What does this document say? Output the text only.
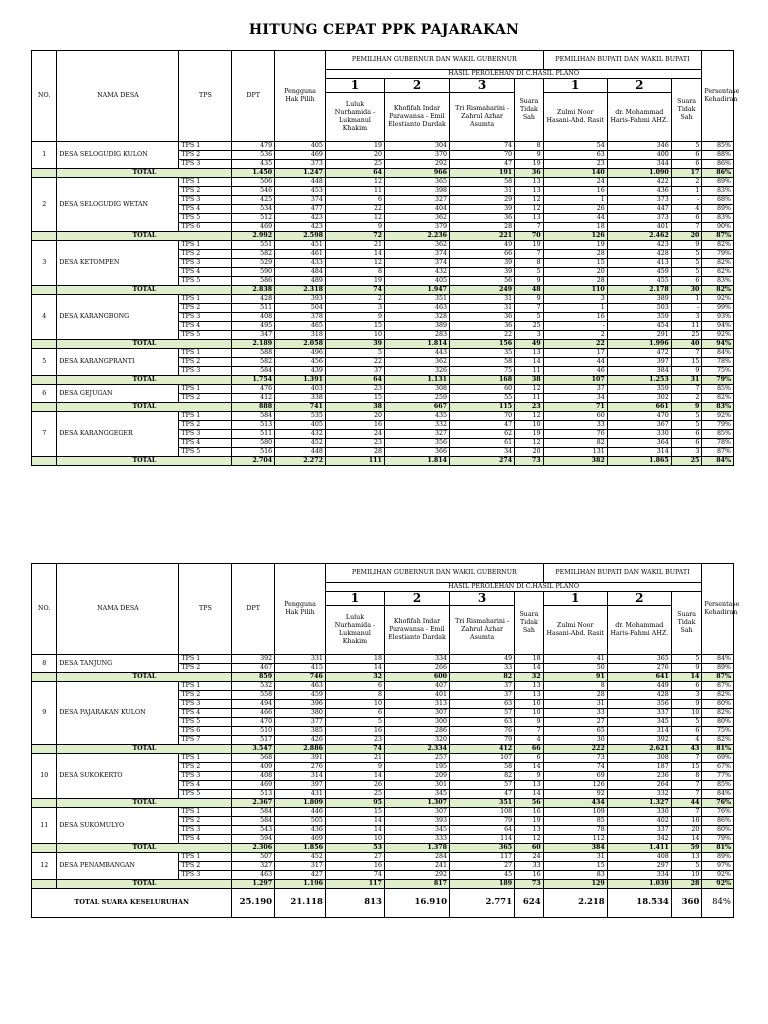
HITUNG CEPAT PPK PAJARAKAN
NO.	NAMA DESA	TPS	DPT	Pengguna Hak Pilih	PEMILIHAN GUBERNUR DAN WAKIL GUBERNUR				PEMILIHAN BUPATI DAN WAKIL BUPATI			Persentase Kehadiran
					HASIL PEROLEHAN DI C.HASIL PLANO							
					1	2	3	Suara Tidak Sah	1	2	Suara Tidak Sah	
					Luluk Nurhamida - Lukmanul Khakim	Khofifah Indar Parawansa - Emil Elestianto Dardak	Tri Rismaharini - Zahrul Azhar Asumta		Zulmi Noor Hasani-Abd. Rasit	dr. Mohammad Haris-Fahmi AHZ.		
1	DESA SELOGUDIG KULON	TPS 1	479	405	19	304	74	8	54	346	5	85%
		TPS 2	536	469	20	370	70	9	63	400	6	88%
		TPS 3	435	373	25	292	47	19	23	344	6	86%
	TOTAL		1.450	1.247	64	966	191	36	140	1.090	17	86%
2	DESA SELOGUDIG WETAN	TPS 1	506	448	12	365	58	13	24	422	2	89%
		TPS 2	546	453	11	398	31	13	16	436	1	83%
		TPS 3	425	374	6	327	29	12	1	373	-	88%
		TPS 4	534	477	22	404	39	12	26	447	4	89%
		TPS 5	512	423	12	362	36	13	44	373	6	83%
		TPS 6	469	423	9	379	28	7	18	401	7	90%
	TOTAL		2.992	2.598	72	2.236	221	70	126	2.462	20	87%
3	DESA KETOMPEN	TPS 1	551	451	21	362	49	19	19	423	9	82%
		TPS 2	582	461	14	374	66	7	28	428	5	79%
		TPS 3	529	433	12	374	39	8	15	413	5	82%
		TPS 4	590	484	8	432	39	5	20	459	5	82%
		TPS 5	586	489	19	405	56	9	28	455	6	83%
	TOTAL		2.838	2.318	74	1.947	249	48	110	2.178	30	82%
4	DESA KARANGBONG	TPS 1	428	393	2	351	31	9	3	389	1	92%
		TPS 2	511	504	3	463	31	7	1	503	-	99%
		TPS 3	408	378	9	328	36	5	16	359	3	93%
		TPS 4	495	465	15	389	36	25	-	454	11	94%
		TPS 5	347	318	10	283	22	3	2	291	25	92%
	TOTAL		2.189	2.058	39	1.814	156	49	22	1.996	40	94%
5	DESA KARANGPRANTI	TPS 1	588	496	5	443	35	13	17	472	7	84%
		TPS 2	582	456	22	362	58	14	44	397	15	78%
		TPS 3	584	439	37	326	75	11	46	384	9	75%
	TOTAL		1.754	1.391	64	1.131	168	38	107	1.253	31	79%
6	DESA GEJUGAN	TPS 1	476	403	23	308	60	12	37	359	7	85%
		TPS 2	412	338	15	259	55	11	34	302	2	82%
	TOTAL		888	741	38	667	115	23	71	661	9	83%
7	DESA KARANGGEGER	TPS 1	584	535	20	435	70	12	60	470	5	92%
		TPS 2	513	405	16	332	47	10	33	367	5	79%
		TPS 3	511	432	24	327	62	19	76	330	6	85%
		TPS 4	580	452	23	356	61	12	82	364	6	78%
		TPS 5	516	448	28	366	34	20	131	314	3	87%
	TOTAL		2.704	2.272	111	1.814	274	73	382	1.865	25	84%
NO.	NAMA DESA	TPS	DPT	Pengguna Hak Pilih	PEMILIHAN GUBERNUR DAN WAKIL GUBERNUR				PEMILIHAN BUPATI DAN WAKIL BUPATI			Persentase Kehadiran
					HASIL PEROLEHAN DI C.HASIL PLANO							
					1	2	3	Suara Tidak Sah	1	2	Suara Tidak Sah	
					Luluk Nurhamida - Lukmanul Khakim	Khofifah Indar Parawansa - Emil Elestianto Dardak	Tri Rismaharini - Zahrul Azhar Asumta		Zulmi Noor Hasani-Abd. Rasit	dr. Mohammad Haris-Fahmi AHZ.		
8	DESA TANJUNG	TPS 1	392	331	18	334	49	18	41	365	5	84%
		TPS 2	467	415	14	266	33	14	50	276	9	89%
	TOTAL		859	746	32	600	82	32	91	641	14	87%
9	DESA PAJARAKAN KULON	TPS 1	532	463	6	407	37	13	8	449	6	87%
		TPS 2	558	459	8	401	37	13	28	428	3	82%
		TPS 3	494	396	10	313	63	10	31	356	9	80%
		TPS 4	466	380	6	307	57	10	33	337	10	82%
		TPS 5	470	377	5	300	63	9	27	345	5	80%
		TPS 6	510	385	16	286	76	7	65	314	6	75%
		TPS 7	517	426	23	320	79	4	30	392	4	82%
	TOTAL		3.547	2.886	74	2.334	412	66	222	2.621	43	81%
10	DESA SUKOKERTO	TPS 1	568	391	21	257	107	6	73	308	7	69%
		TPS 2	409	276	9	195	58	14	74	187	15	67%
		TPS 3	408	314	14	209	82	9	69	236	8	77%
		TPS 4	469	397	26	301	57	13	126	264	7	85%
		TPS 5	513	431	25	345	47	14	92	332	7	84%
	TOTAL		2.367	1.809	95	1.307	351	56	434	1.327	44	76%
11	DESA SUKOMULYO	TPS 1	584	446	15	307	108	16	109	330	7	76%
		TPS 2	584	505	14	393	79	19	85	402	18	86%
		TPS 3	543	436	14	345	64	13	78	337	20	80%
		TPS 4	594	469	10	333	114	12	112	342	14	79%
	TOTAL		2.306	1.856	53	1.378	365	60	384	1.411	59	81%
12	DESA PENAMBANGAN	TPS 1	507	452	27	284	117	24	31	408	13	89%
		TPS 2	327	317	16	241	27	33	15	297	5	97%
		TPS 3	463	427	74	292	45	16	83	334	10	92%
	TOTAL		1.297	1.196	117	817	189	73	129	1.039	28	92%
TOTAL SUARA KESELURUHAN			25.190	21.118	813	16.910	2.771	624	2.218	18.534	360	84%
